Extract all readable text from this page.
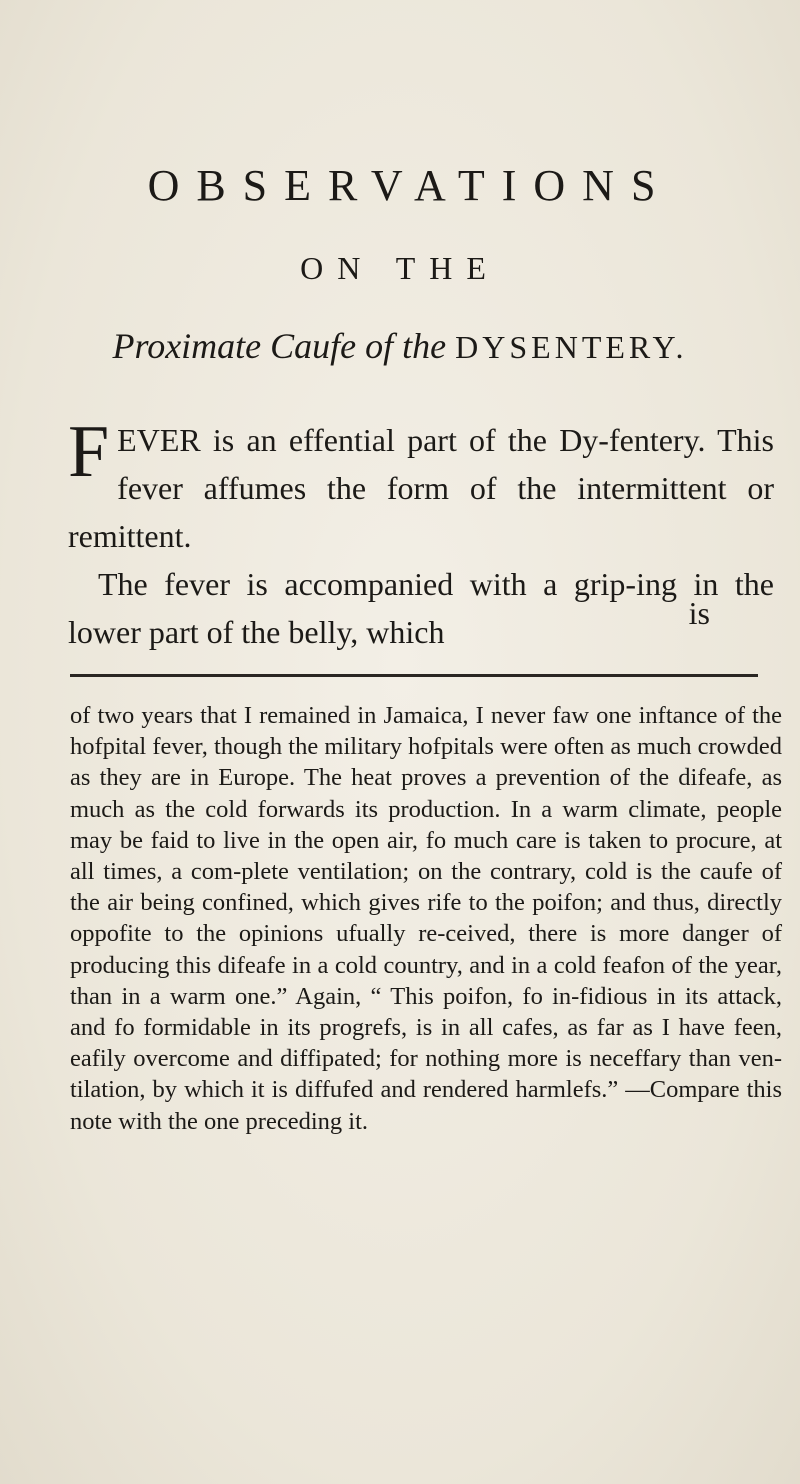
OBSERVATIONS
ON THE
Proximate Caufe of the DYSENTERY.

FEVER is an effential part of the Dy-fentery. This fever affumes the form of the intermittent or remittent.

The fever is accompanied with a grip-ing in the lower part of the belly, which

is

of two years that I remained in Jamaica, I never faw one inftance of the hofpital fever, though the military hofpitals were often as much crowded as they are in Europe. The heat proves a prevention of the difeafe, as much as the cold forwards its production. In a warm climate, people may be faid to live in the open air, fo much care is taken to procure, at all times, a com-plete ventilation; on the contrary, cold is the caufe of the air being confined, which gives rife to the poifon; and thus, directly oppofite to the opinions ufually re-ceived, there is more danger of producing this difeafe in a cold country, and in a cold feafon of the year, than in a warm one.” Again, “ This poifon, fo in-fidious in its attack, and fo formidable in its progrefs, is in all cafes, as far as I have feen, eafily overcome and diffipated; for nothing more is neceffary than ven-tilation, by which it is diffufed and rendered harmlefs.” —Compare this note with the one preceding it.
